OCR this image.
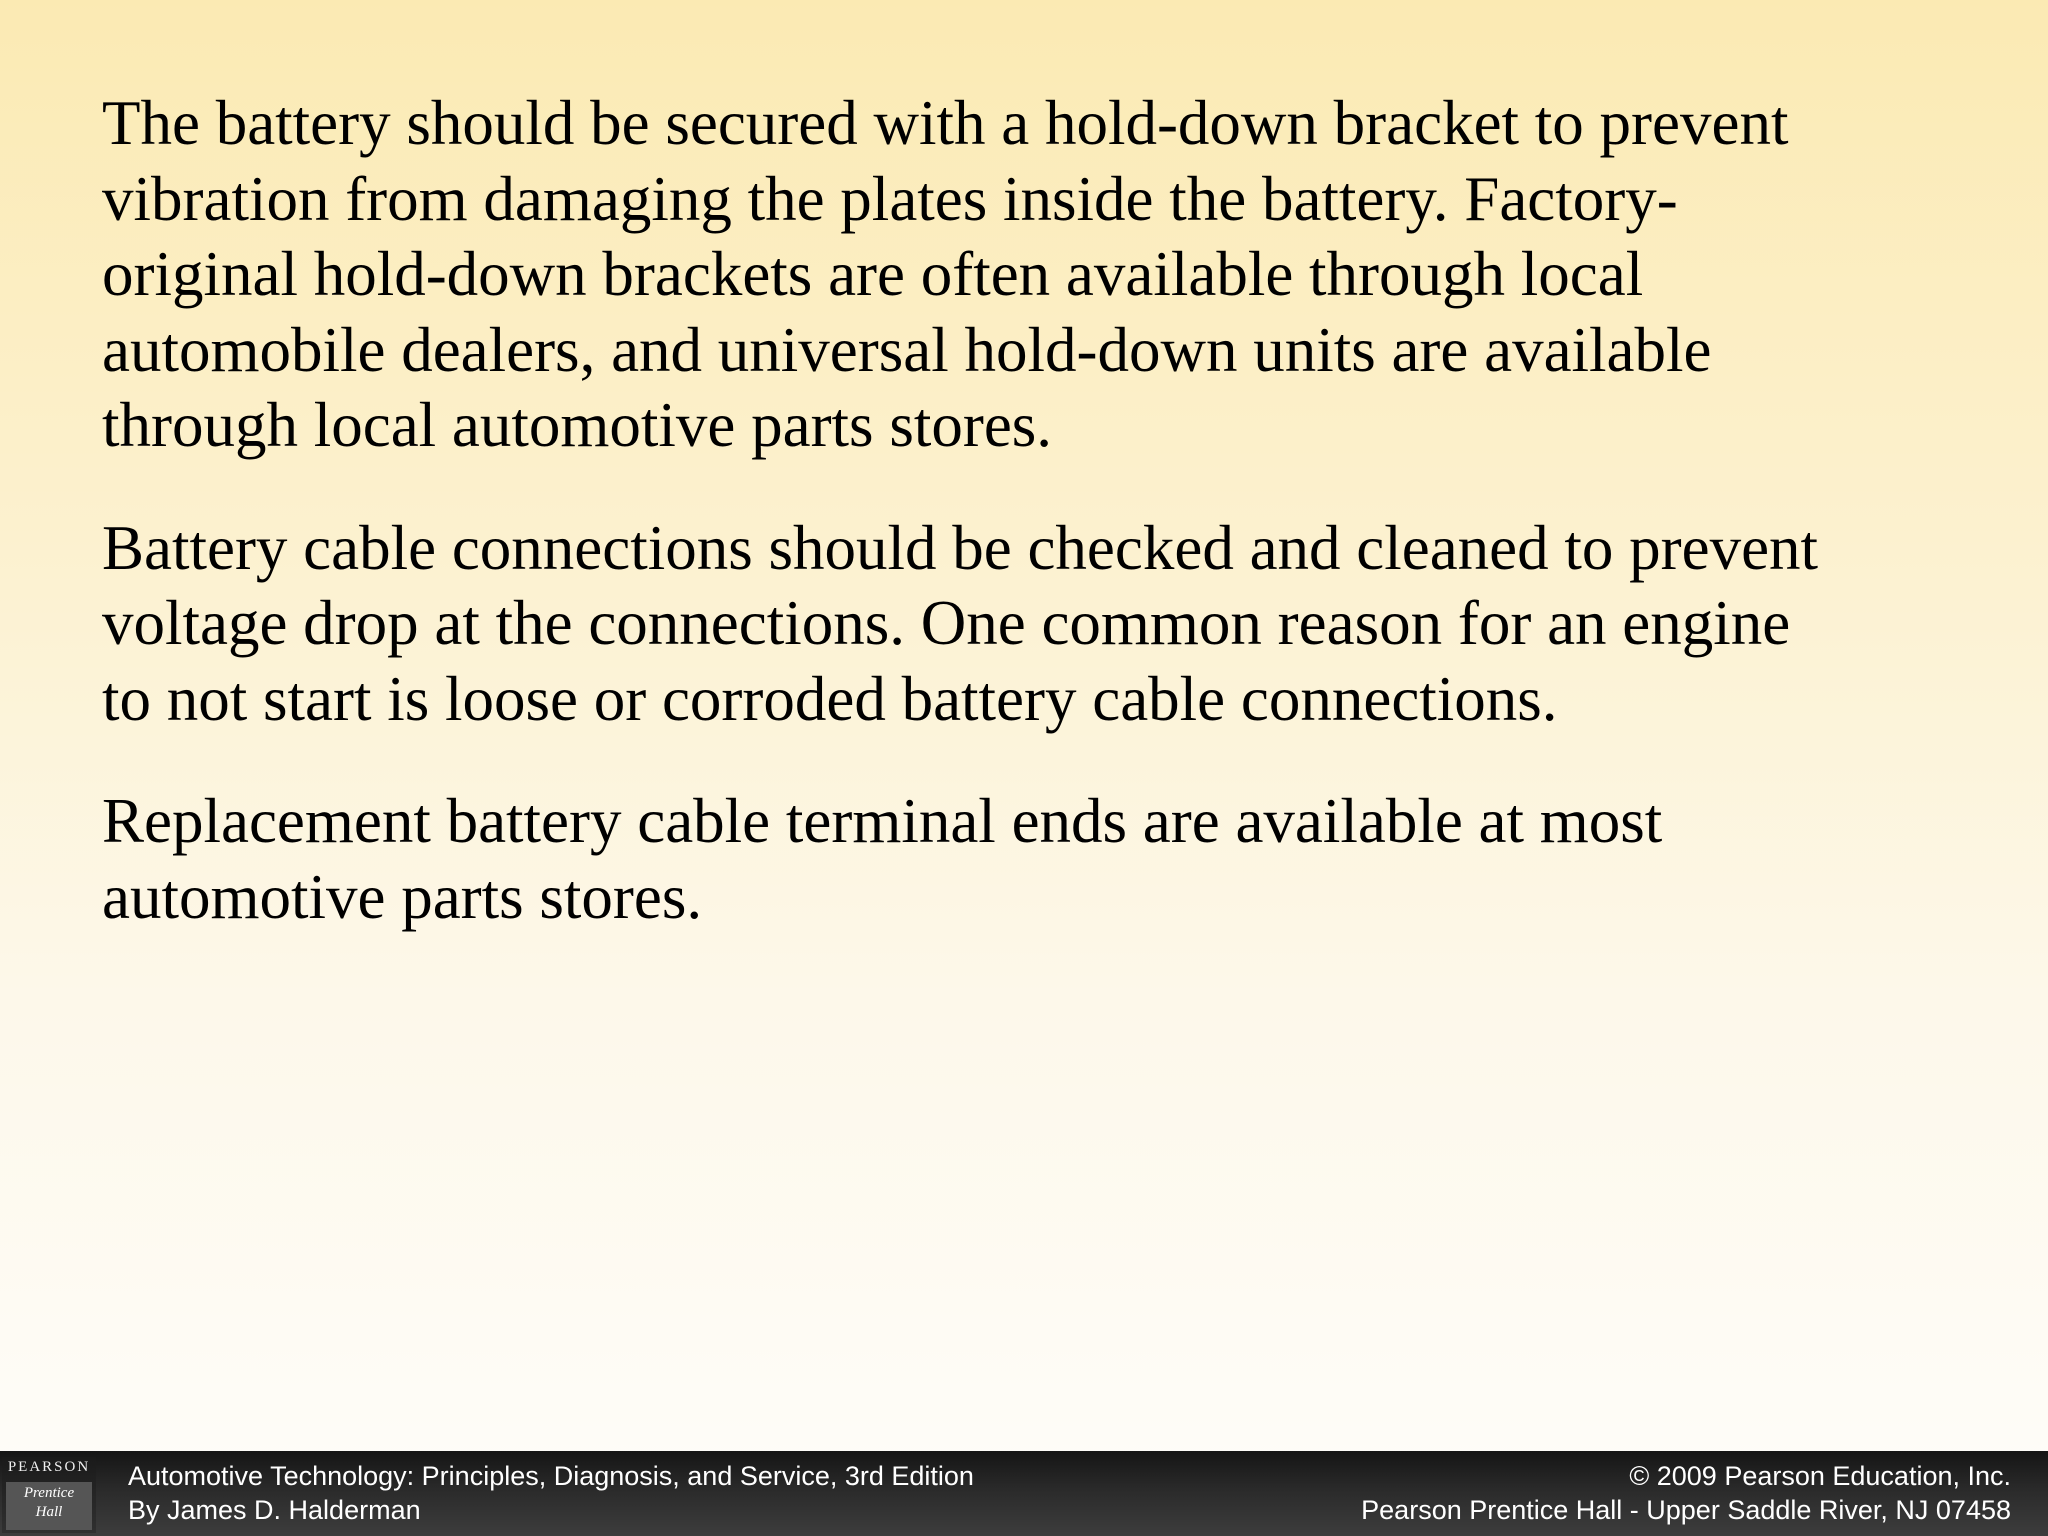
The battery should be secured with a hold-down bracket to prevent
vibration from damaging the plates inside the battery. Factory-
original hold-down brackets are often available through local
automobile dealers, and universal hold-down units are available
through local automotive parts stores.

Battery cable connections should be checked and cleaned to prevent
voltage drop at the connections. One common reason for an engine
to not start is loose or corroded battery cable connections.

Replacement battery cable terminal ends are available at most
automotive parts stores.

PEARSON
Prentice
Hall
Automotive Technology: Principles, Diagnosis, and Service, 3rd Edition
By James D. Halderman
© 2009 Pearson Education, Inc.
Pearson Prentice Hall - Upper Saddle River, NJ 07458
